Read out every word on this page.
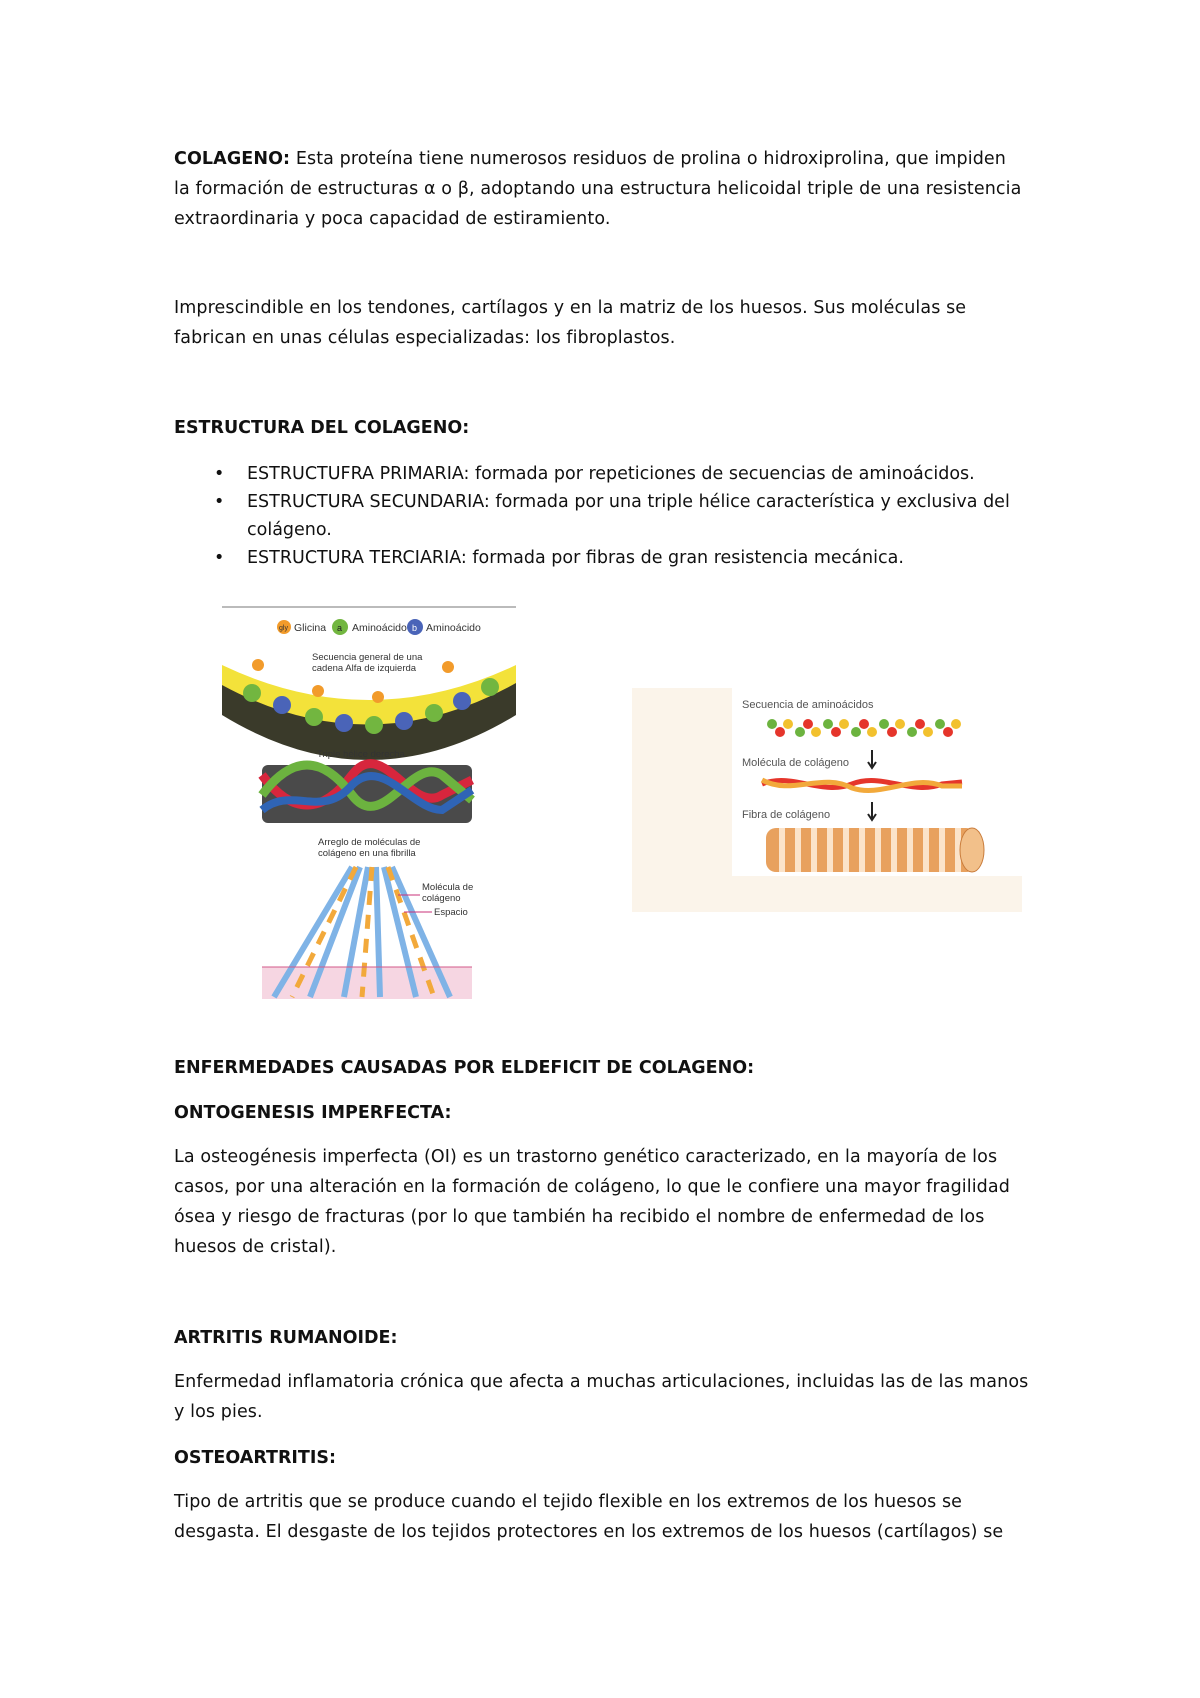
COLAGENO: Esta proteína tiene numerosos residuos de prolina o hidroxiprolina, que impiden
la formación de estructuras α o β, adoptando una estructura helicoidal triple de una resistencia
extraordinaria y poca capacidad de estiramiento.
Imprescindible en los tendones, cartílagos y en la matriz de los huesos. Sus moléculas se
fabrican en unas células especializadas: los fibroplastos.
ESTRUCTURA DEL COLAGENO:
• ESTRUCTUFRA PRIMARIA: formada por repeticiones de secuencias de aminoácidos.
• ESTRUCTURA SECUNDARIA: formada por una triple hélice característica y exclusiva del
colágeno.
• ESTRUCTURA TERCIARIA: formada por fibras de gran resistencia mecánica.
gly Glicina a Aminoácido b Aminoácido
Secuencia general de una
cadena Alfa de izquierda
Triple hélice derecha
Arreglo de moléculas de
colágeno en una fibrilla
Molécula de
colágeno
Espacio
Secuencia de aminoácidos
Molécula de colágeno
Fibra de colágeno
ENFERMEDADES CAUSADAS POR ELDEFICIT DE COLAGENO:
ONTOGENESIS IMPERFECTA:
La osteogénesis imperfecta (OI) es un trastorno genético caracterizado, en la mayoría de los
casos, por una alteración en la formación de colágeno, lo que le confiere una mayor fragilidad
ósea y riesgo de fracturas (por lo que también ha recibido el nombre de enfermedad de los
huesos de cristal).
ARTRITIS RUMANOIDE:
Enfermedad inflamatoria crónica que afecta a muchas articulaciones, incluidas las de las manos
y los pies.
OSTEOARTRITIS:
Tipo de artritis que se produce cuando el tejido flexible en los extremos de los huesos se
desgasta. El desgaste de los tejidos protectores en los extremos de los huesos (cartílagos) se
